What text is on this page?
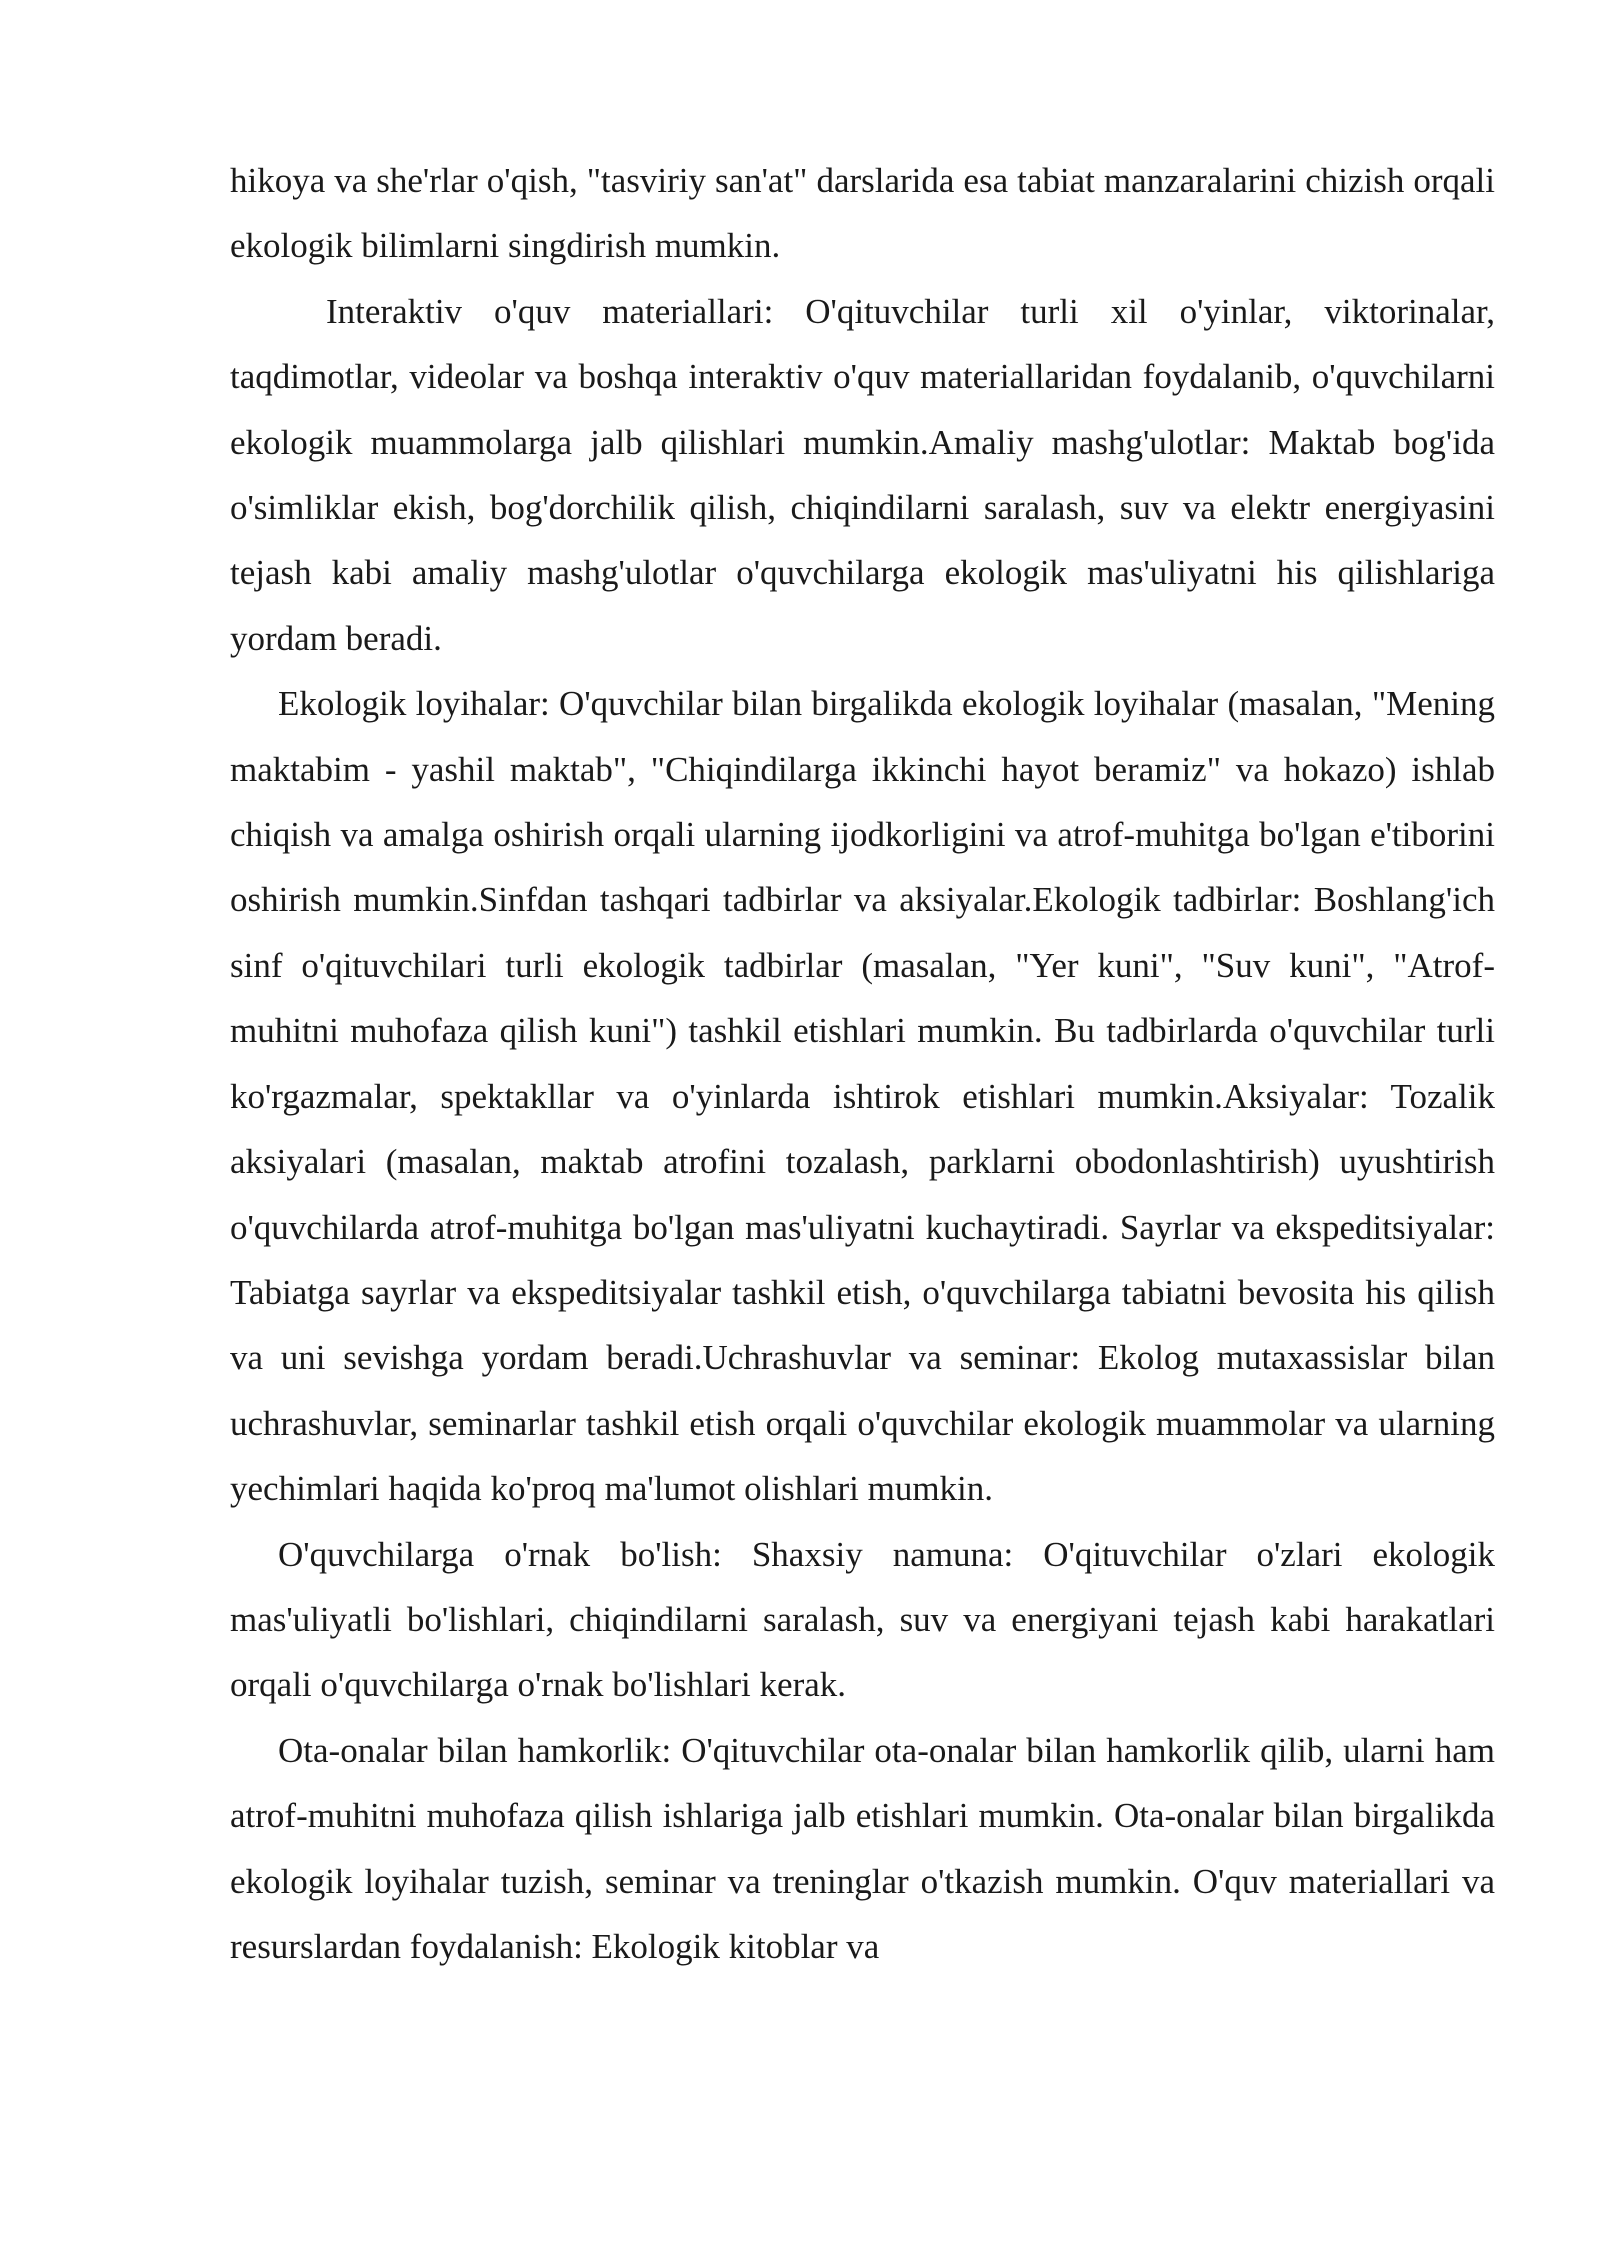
hikoya va she'rlar o'qish, "tasviriy san'at" darslarida esa tabiat manzaralarini chizish orqali ekologik bilimlarni singdirish mumkin.

Interaktiv o'quv materiallari: O'qituvchilar turli xil o'yinlar, viktorinalar, taqdimotlar, videolar va boshqa interaktiv o'quv materiallaridan foydalanib, o'quvchilarni ekologik muammolarga jalb qilishlari mumkin.Amaliy mashg'ulotlar: Maktab bog'ida o'simliklar ekish, bog'dorchilik qilish, chiqindilarni saralash, suv va elektr energiyasini tejash kabi amaliy mashg'ulotlar o'quvchilarga ekologik mas'uliyatni his qilishlariga yordam beradi.

Ekologik loyihalar: O'quvchilar bilan birgalikda ekologik loyihalar (masalan, "Mening maktabim - yashil maktab", "Chiqindilarga ikkinchi hayot beramiz" va hokazo) ishlab chiqish va amalga oshirish orqali ularning ijodkorligini va atrof-muhitga bo'lgan e'tiborini oshirish mumkin.Sinfdan tashqari tadbirlar va aksiyalar.Ekologik tadbirlar: Boshlang'ich sinf o'qituvchilari turli ekologik tadbirlar (masalan, "Yer kuni", "Suv kuni", "Atrof-muhitni muhofaza qilish kuni") tashkil etishlari mumkin. Bu tadbirlarda o'quvchilar turli ko'rgazmalar, spektakllar va o'yinlarda ishtirok etishlari mumkin.Aksiyalar: Tozalik aksiyalari (masalan, maktab atrofini tozalash, parklarni obodonlashtirish) uyushtirish o'quvchilarda atrof-muhitga bo'lgan mas'uliyatni kuchaytiradi. Sayrlar va ekspeditsiyalar: Tabiatga sayrlar va ekspeditsiyalar tashkil etish, o'quvchilarga tabiatni bevosita his qilish va uni sevishga yordam beradi.Uchrashuvlar va seminar: Ekolog mutaxassislar bilan uchrashuvlar, seminarlar tashkil etish orqali o'quvchilar ekologik muammolar va ularning yechimlari haqida ko'proq ma'lumot olishlari mumkin.

O'quvchilarga o'rnak bo'lish: Shaxsiy namuna: O'qituvchilar o'zlari ekologik mas'uliyatli bo'lishlari, chiqindilarni saralash, suv va energiyani tejash kabi harakatlari orqali o'quvchilarga o'rnak bo'lishlari kerak.

Ota-onalar bilan hamkorlik: O'qituvchilar ota-onalar bilan hamkorlik qilib, ularni ham atrof-muhitni muhofaza qilish ishlariga jalb etishlari mumkin. Ota-onalar bilan birgalikda ekologik loyihalar tuzish, seminar va treninglar o'tkazish mumkin. O'quv materiallari va resurslardan foydalanish: Ekologik kitoblar va
